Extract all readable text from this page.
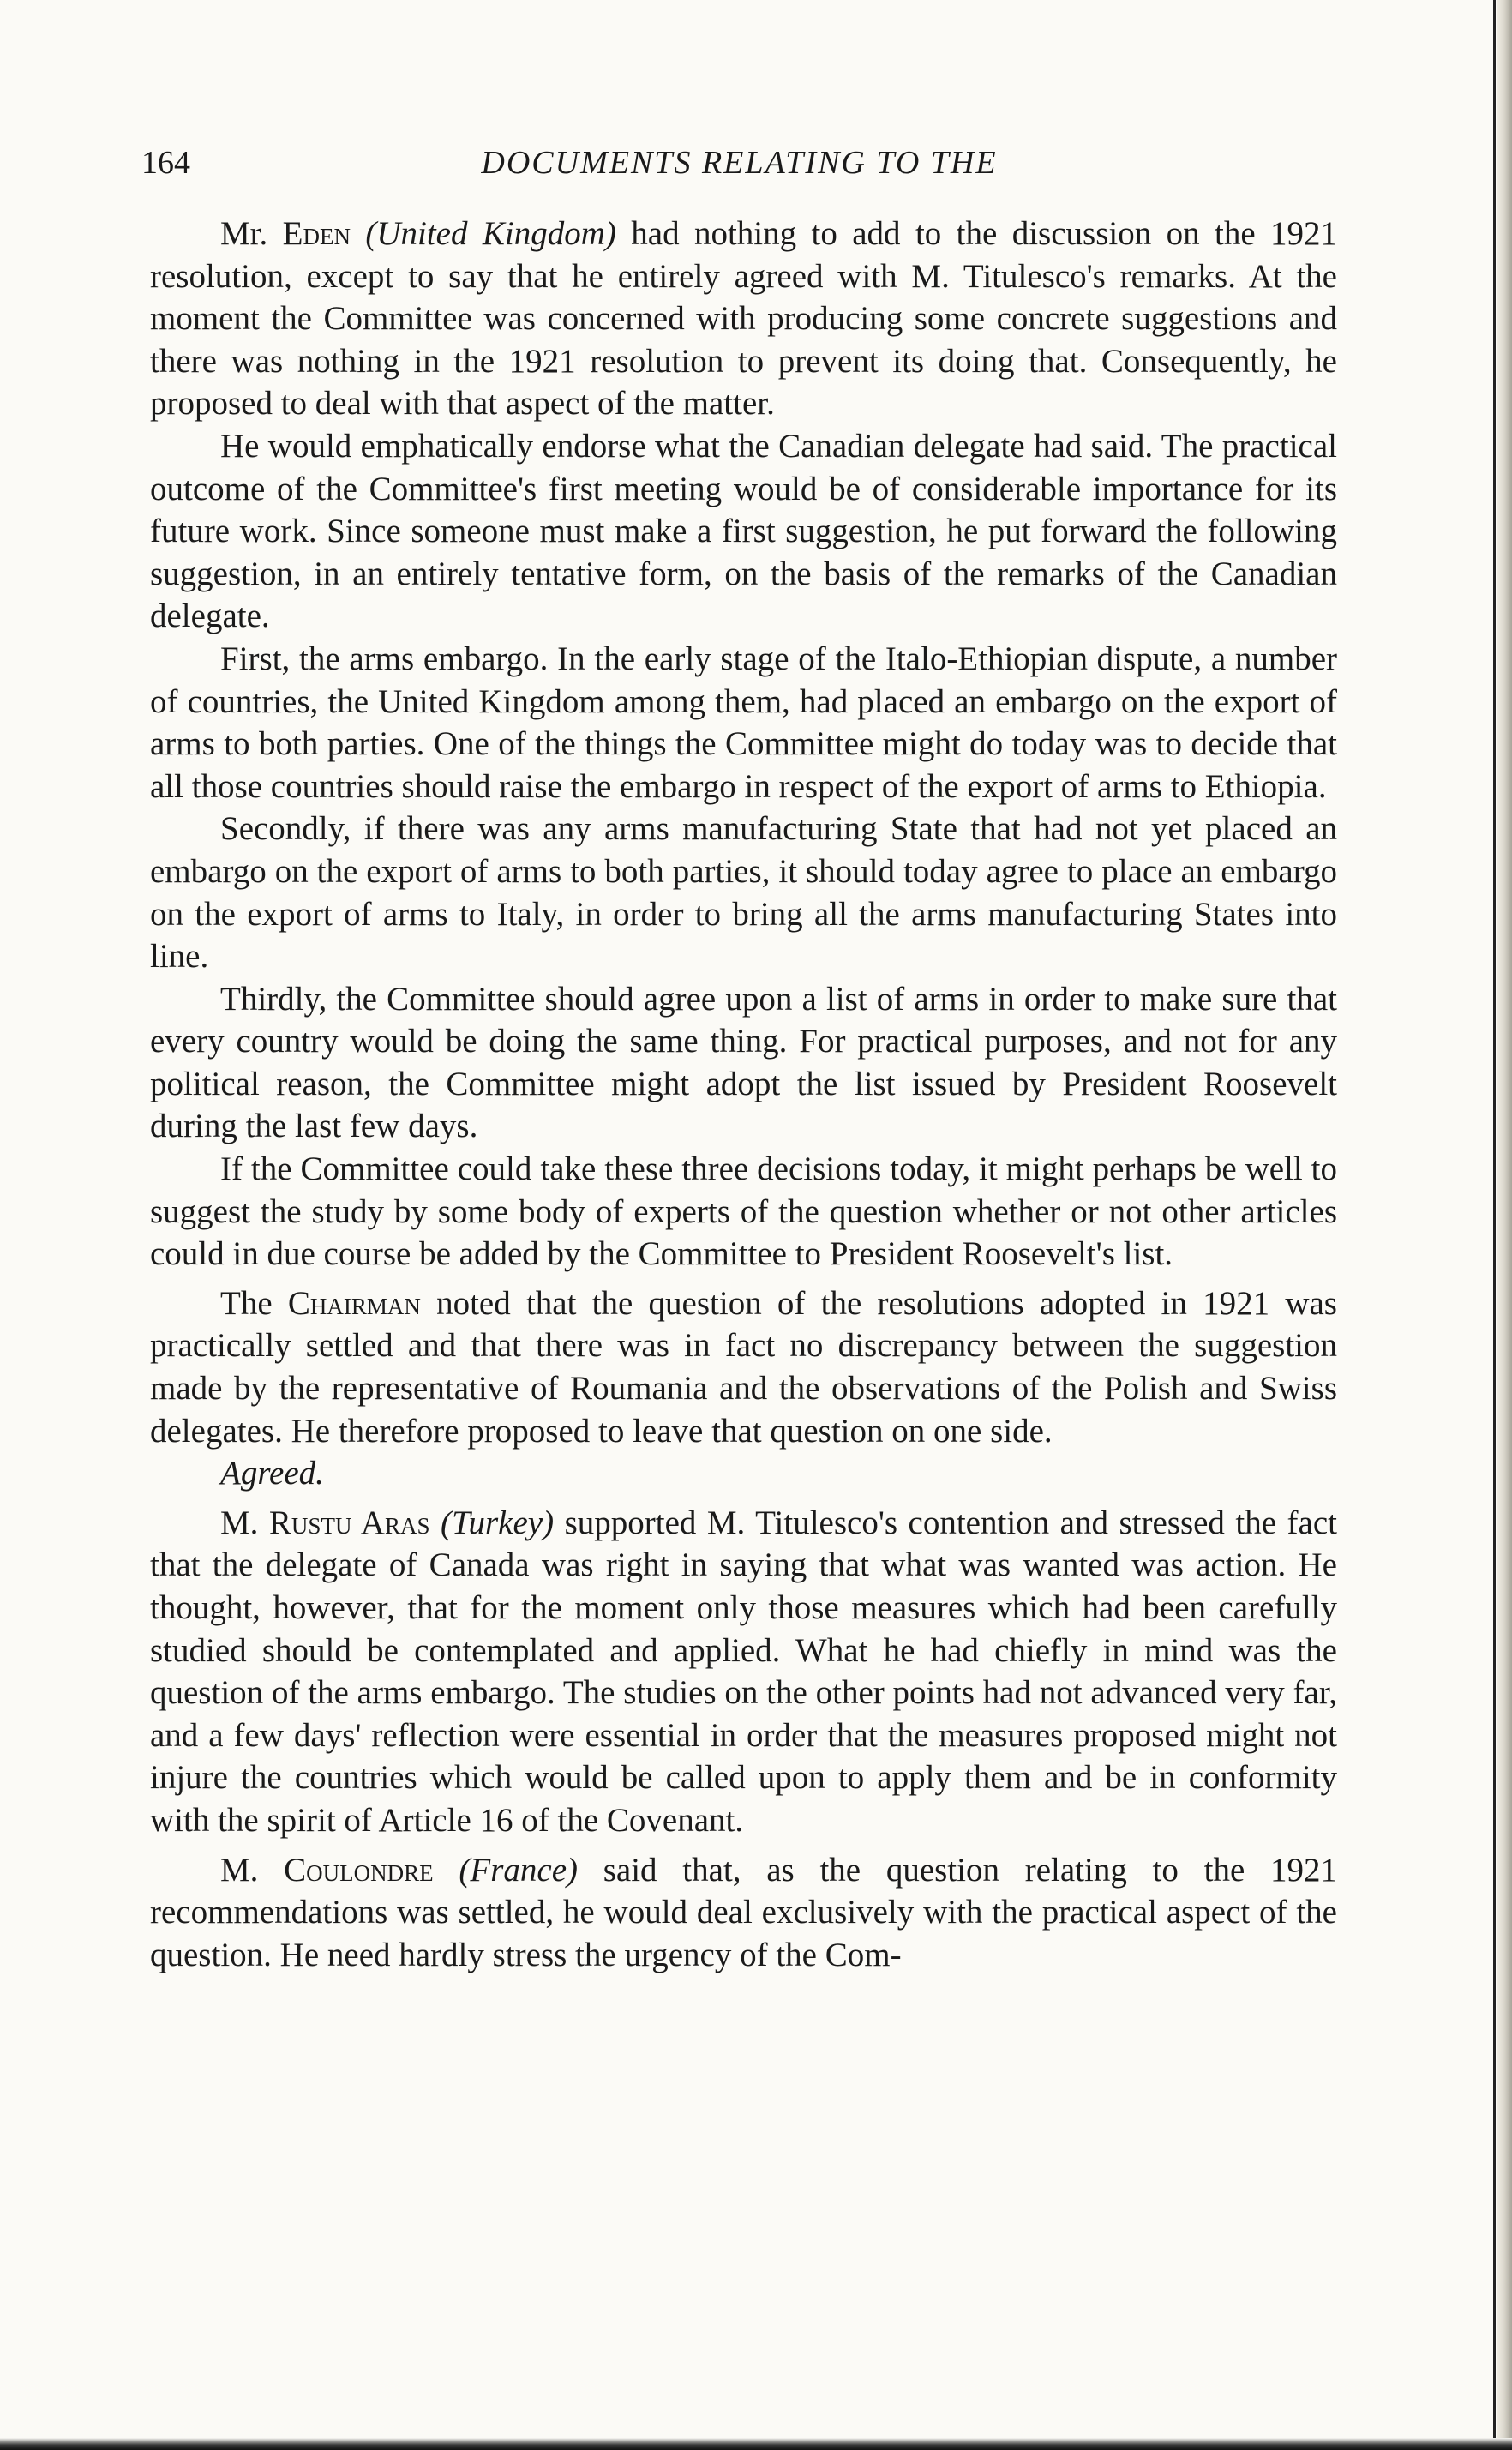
164	DOCUMENTS RELATING TO THE

Mr. Eden (United Kingdom) had nothing to add to the discussion on the 1921 resolution, except to say that he entirely agreed with M. Titulesco's remarks. At the moment the Committee was concerned with producing some concrete suggestions and there was nothing in the 1921 resolution to prevent its doing that. Consequently, he proposed to deal with that aspect of the matter.

He would emphatically endorse what the Canadian delegate had said. The practical outcome of the Committee's first meeting would be of considerable importance for its future work. Since someone must make a first suggestion, he put forward the following suggestion, in an entirely tentative form, on the basis of the remarks of the Canadian delegate.

First, the arms embargo. In the early stage of the Italo-Ethiopian dispute, a number of countries, the United Kingdom among them, had placed an embargo on the export of arms to both parties. One of the things the Committee might do today was to decide that all those countries should raise the embargo in respect of the export of arms to Ethiopia.

Secondly, if there was any arms manufacturing State that had not yet placed an embargo on the export of arms to both parties, it should today agree to place an embargo on the export of arms to Italy, in order to bring all the arms manufacturing States into line.

Thirdly, the Committee should agree upon a list of arms in order to make sure that every country would be doing the same thing. For practical purposes, and not for any political reason, the Committee might adopt the list issued by President Roosevelt during the last few days.

If the Committee could take these three decisions today, it might perhaps be well to suggest the study by some body of experts of the question whether or not other articles could in due course be added by the Committee to President Roosevelt's list.

The Chairman noted that the question of the resolutions adopted in 1921 was practically settled and that there was in fact no discrepancy between the suggestion made by the representative of Roumania and the observations of the Polish and Swiss delegates. He therefore proposed to leave that question on one side.

Agreed.

M. Rustu Aras (Turkey) supported M. Titulesco's contention and stressed the fact that the delegate of Canada was right in saying that what was wanted was action. He thought, however, that for the moment only those measures which had been carefully studied should be contemplated and applied. What he had chiefly in mind was the question of the arms embargo. The studies on the other points had not advanced very far, and a few days' reflection were essential in order that the measures proposed might not injure the countries which would be called upon to apply them and be in conformity with the spirit of Article 16 of the Covenant.

M. Coulondre (France) said that, as the question relating to the 1921 recommendations was settled, he would deal exclusively with the practical aspect of the question. He need hardly stress the urgency of the Com-
